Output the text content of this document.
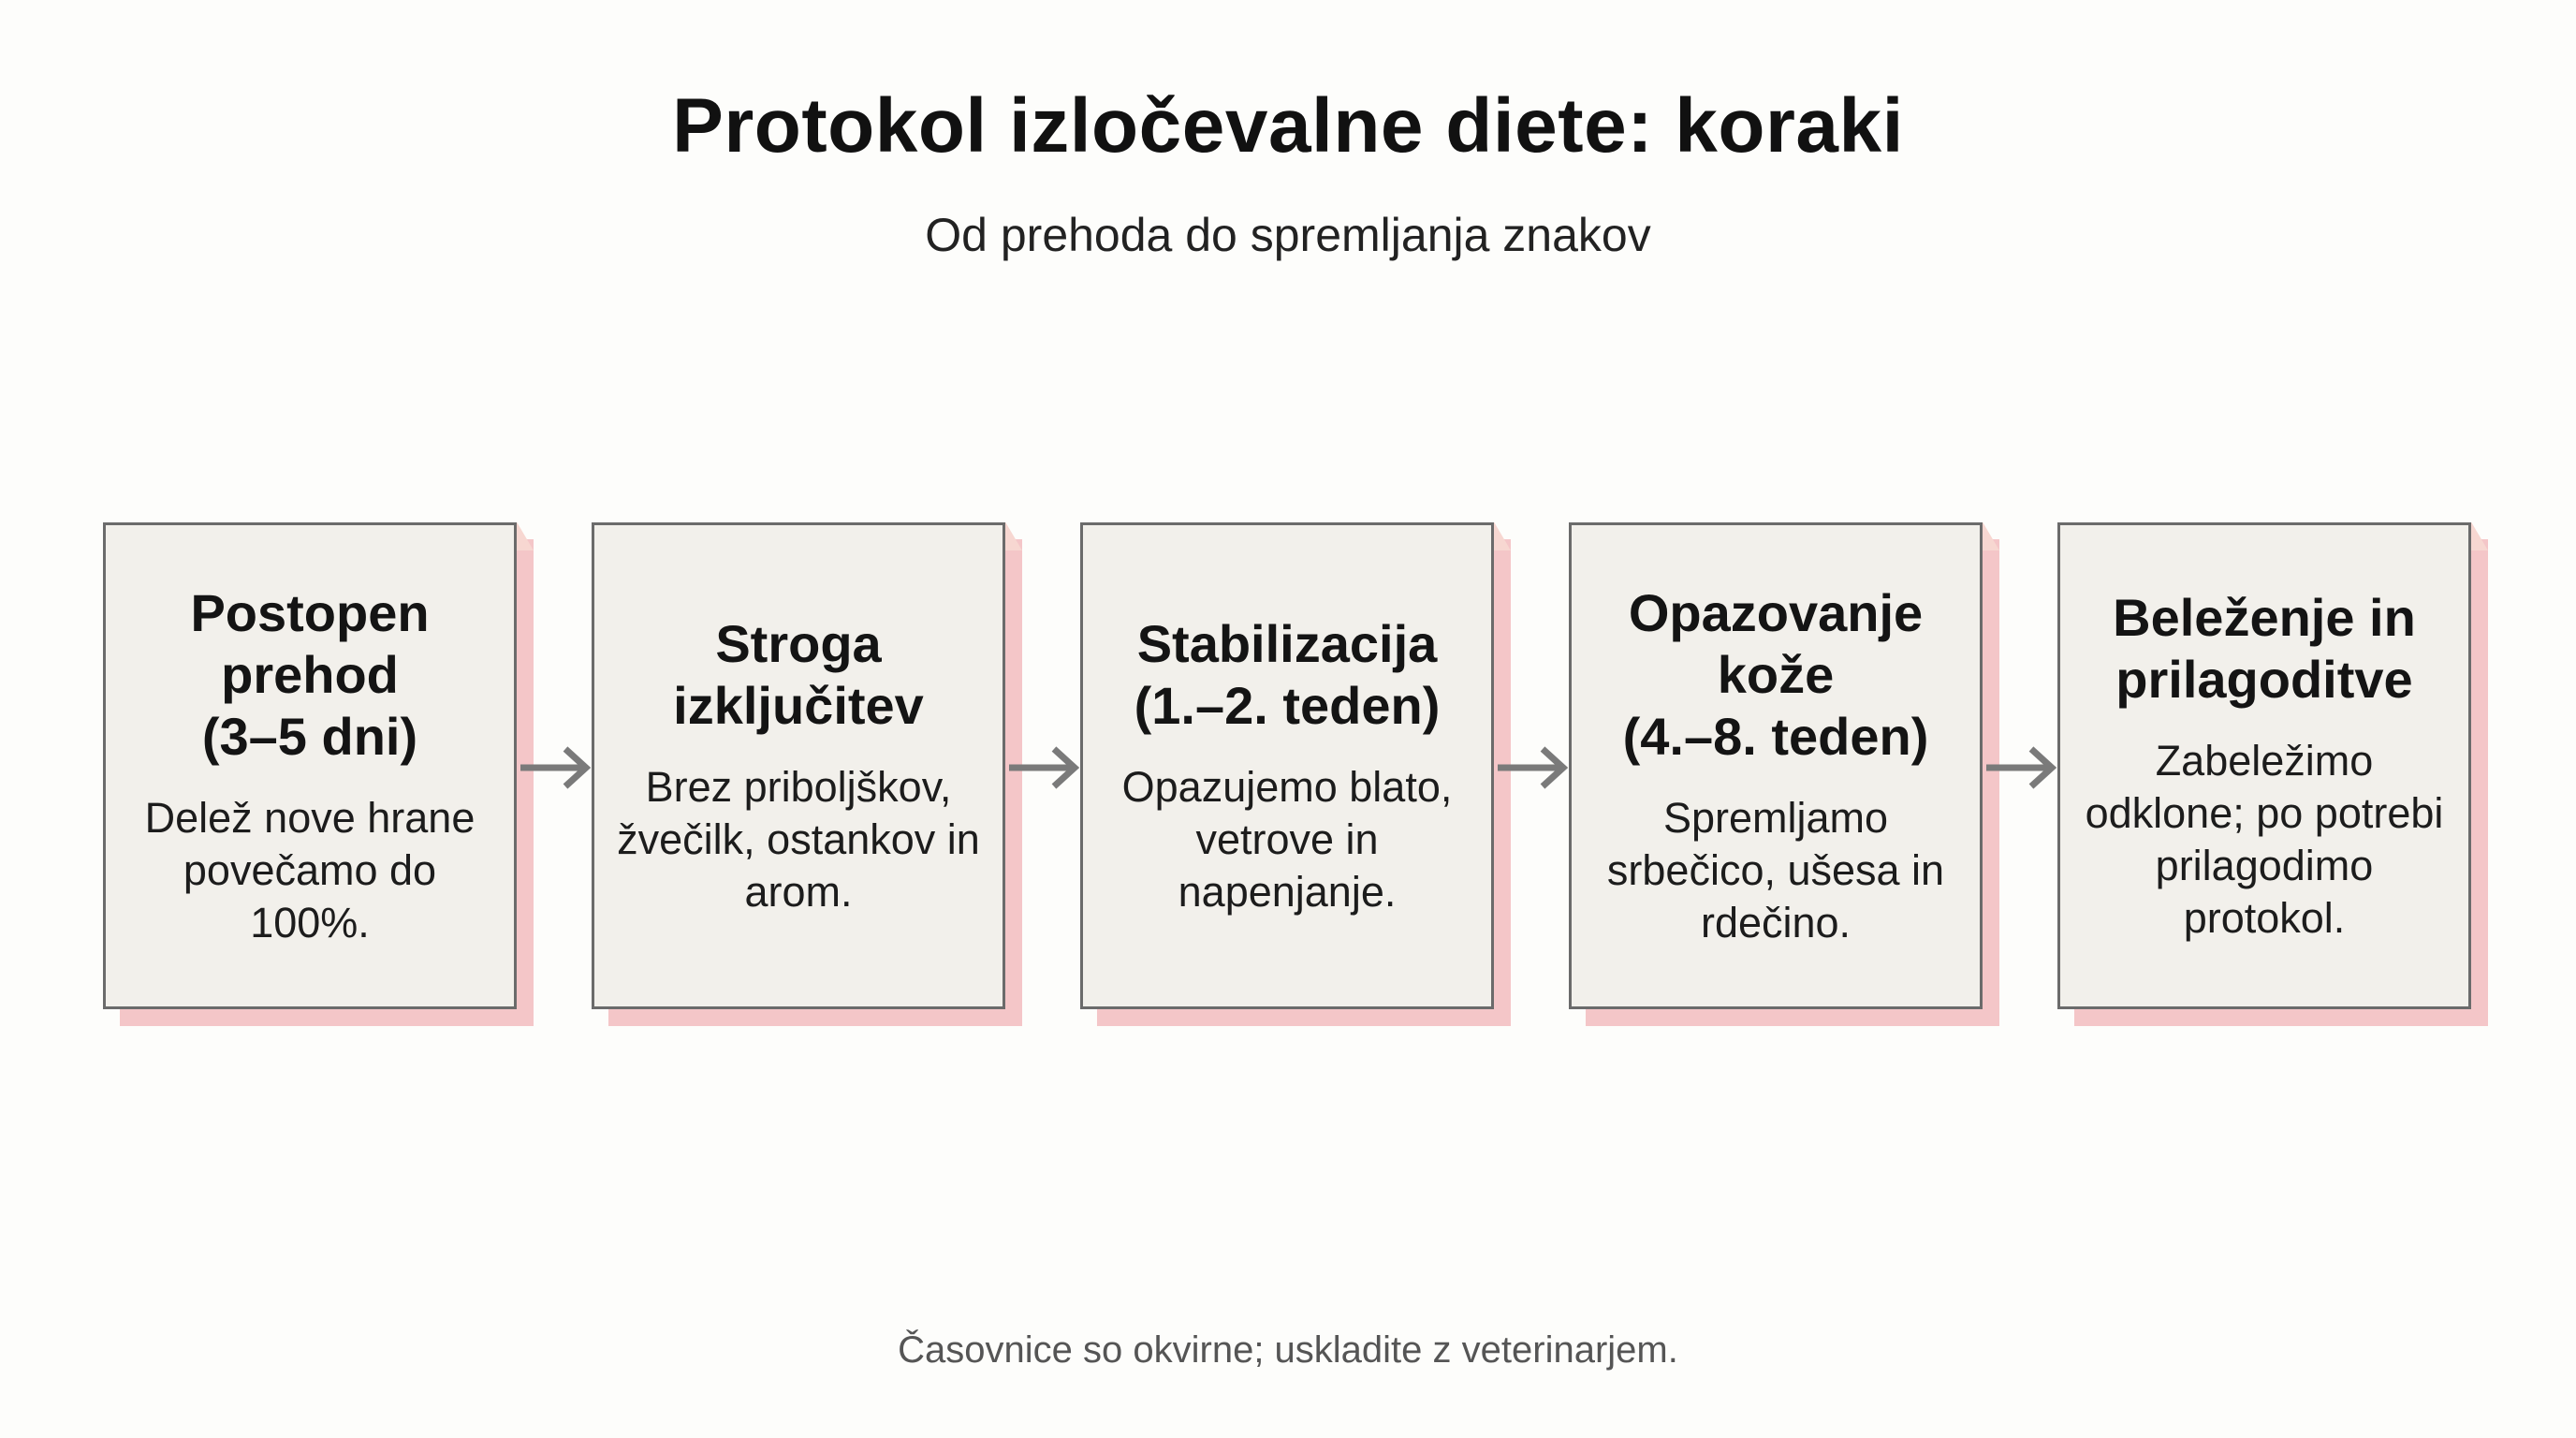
Protokol izločevalne diete: koraki
Od prehoda do spremljanja znakov
Postopen
prehod
(3–5 dni)
Delež nove hrane
povečamo do
100%.
Stroga
izključitev
Brez priboljškov,
žvečilk, ostankov in
arom.
Stabilizacija
(1.–2. teden)
Opazujemo blato,
vetrove in
napenjanje.
Opazovanje
kože
(4.–8. teden)
Spremljamo
srbečico, ušesa in
rdečino.
Beleženje in
prilagoditve
Zabeležimo
odklone; po potrebi
prilagodimo
protokol.
Časovnice so okvirne; uskladite z veterinarjem.
